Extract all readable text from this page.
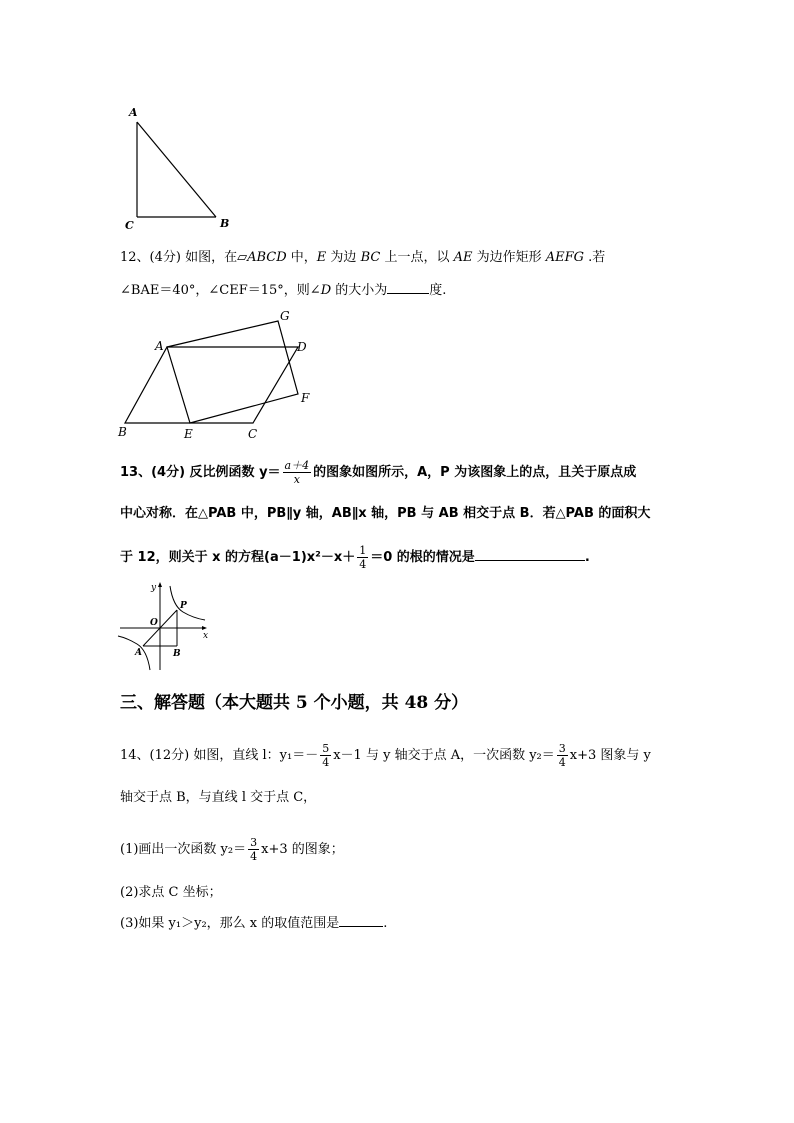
A
C	B
12、(4分) 如图，在▱ABCD 中，E 为边 BC 上一点，以 AE 为边作矩形 AEFG .若
∠BAE＝40°，∠CEF＝15°，则∠D 的大小为	度.
A
G
D
F
B	E	C
13、(4分) 反比例函数 $y= \frac{a+4}{x}$ 的图象如图所示，A，P 为该图象上的点，且关于原点成
中心对称．在△PAB 中，PB∥y 轴，AB∥x 轴，PB 与 AB 相交于点 B．若△PAB 的面积大
于 12，则关于 x 的方程$(a-1)x^2-x+ \frac{1}{4} =0$ 的根的情况是	.
y
x
O
P
A	B
三、解答题（本大题共 5 个小题，共 48 分）
14、(12分) 如图，直线 l：$y_1=- \frac{5}{4} x-1$ 与 y 轴交于点 A，一次函数 $y_2= \frac{3}{4} x+3$ 图象与 y
轴交于点 B，与直线 l 交于点 C，
(1)画出一次函数 $y_2= \frac{3}{4} x+3$ 的图象；
(2)求点 C 坐标；
(3)如果 y₁＞y₂，那么 x 的取值范围是	.
